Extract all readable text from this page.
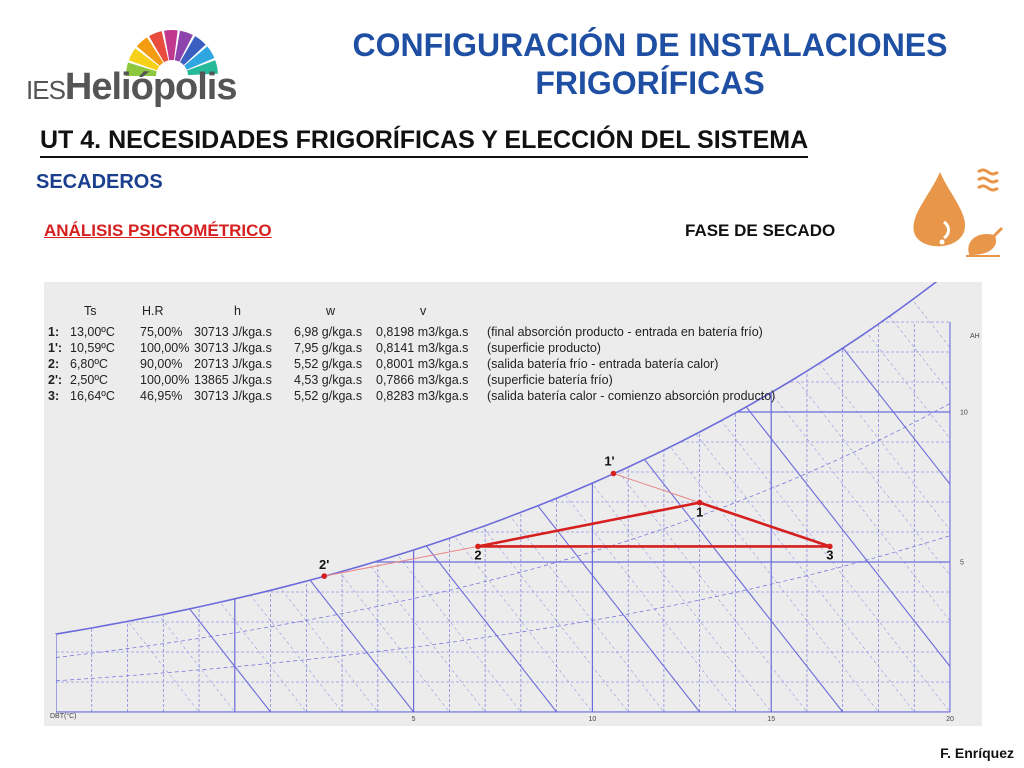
IESHeliópolis
CONFIGURACIÓN DE INSTALACIONES
FRIGORÍFICAS
UT 4. NECESIDADES FRIGORÍFICAS Y ELECCIÓN DEL SISTEMA
SECADEROS
ANÁLISIS PSICROMÉTRICO	FASE DE SECADO
5	10	15	20
5
10
1
1'
2
2'
3
DBT(°C)
AH
Ts	H.R	h	w	v
1: 13,00ºC 75,00% 30713 J/kga.s 6,98 g/kga.s 0,8198 m3/kga.s (final absorción producto - entrada en batería frío)
1': 10,59ºC 100,00% 30713 J/kga.s 7,95 g/kga.s 0,8141 m3/kga.s (superficie producto)
2: 6,80ºC	90,00% 20713 J/kga.s 5,52 g/kga.s 0,8001 m3/kga.s (salida batería frío - entrada batería calor)
2': 2,50ºC	100,00% 13865 J/kga.s 4,53 g/kga.s 0,7866 m3/kga.s (superficie batería frío)
3: 16,64ºC 46,95% 30713 J/kga.s 5,52 g/kga.s 0,8283 m3/kga.s (salida batería calor - comienzo absorción producto)
F. Enríquez
